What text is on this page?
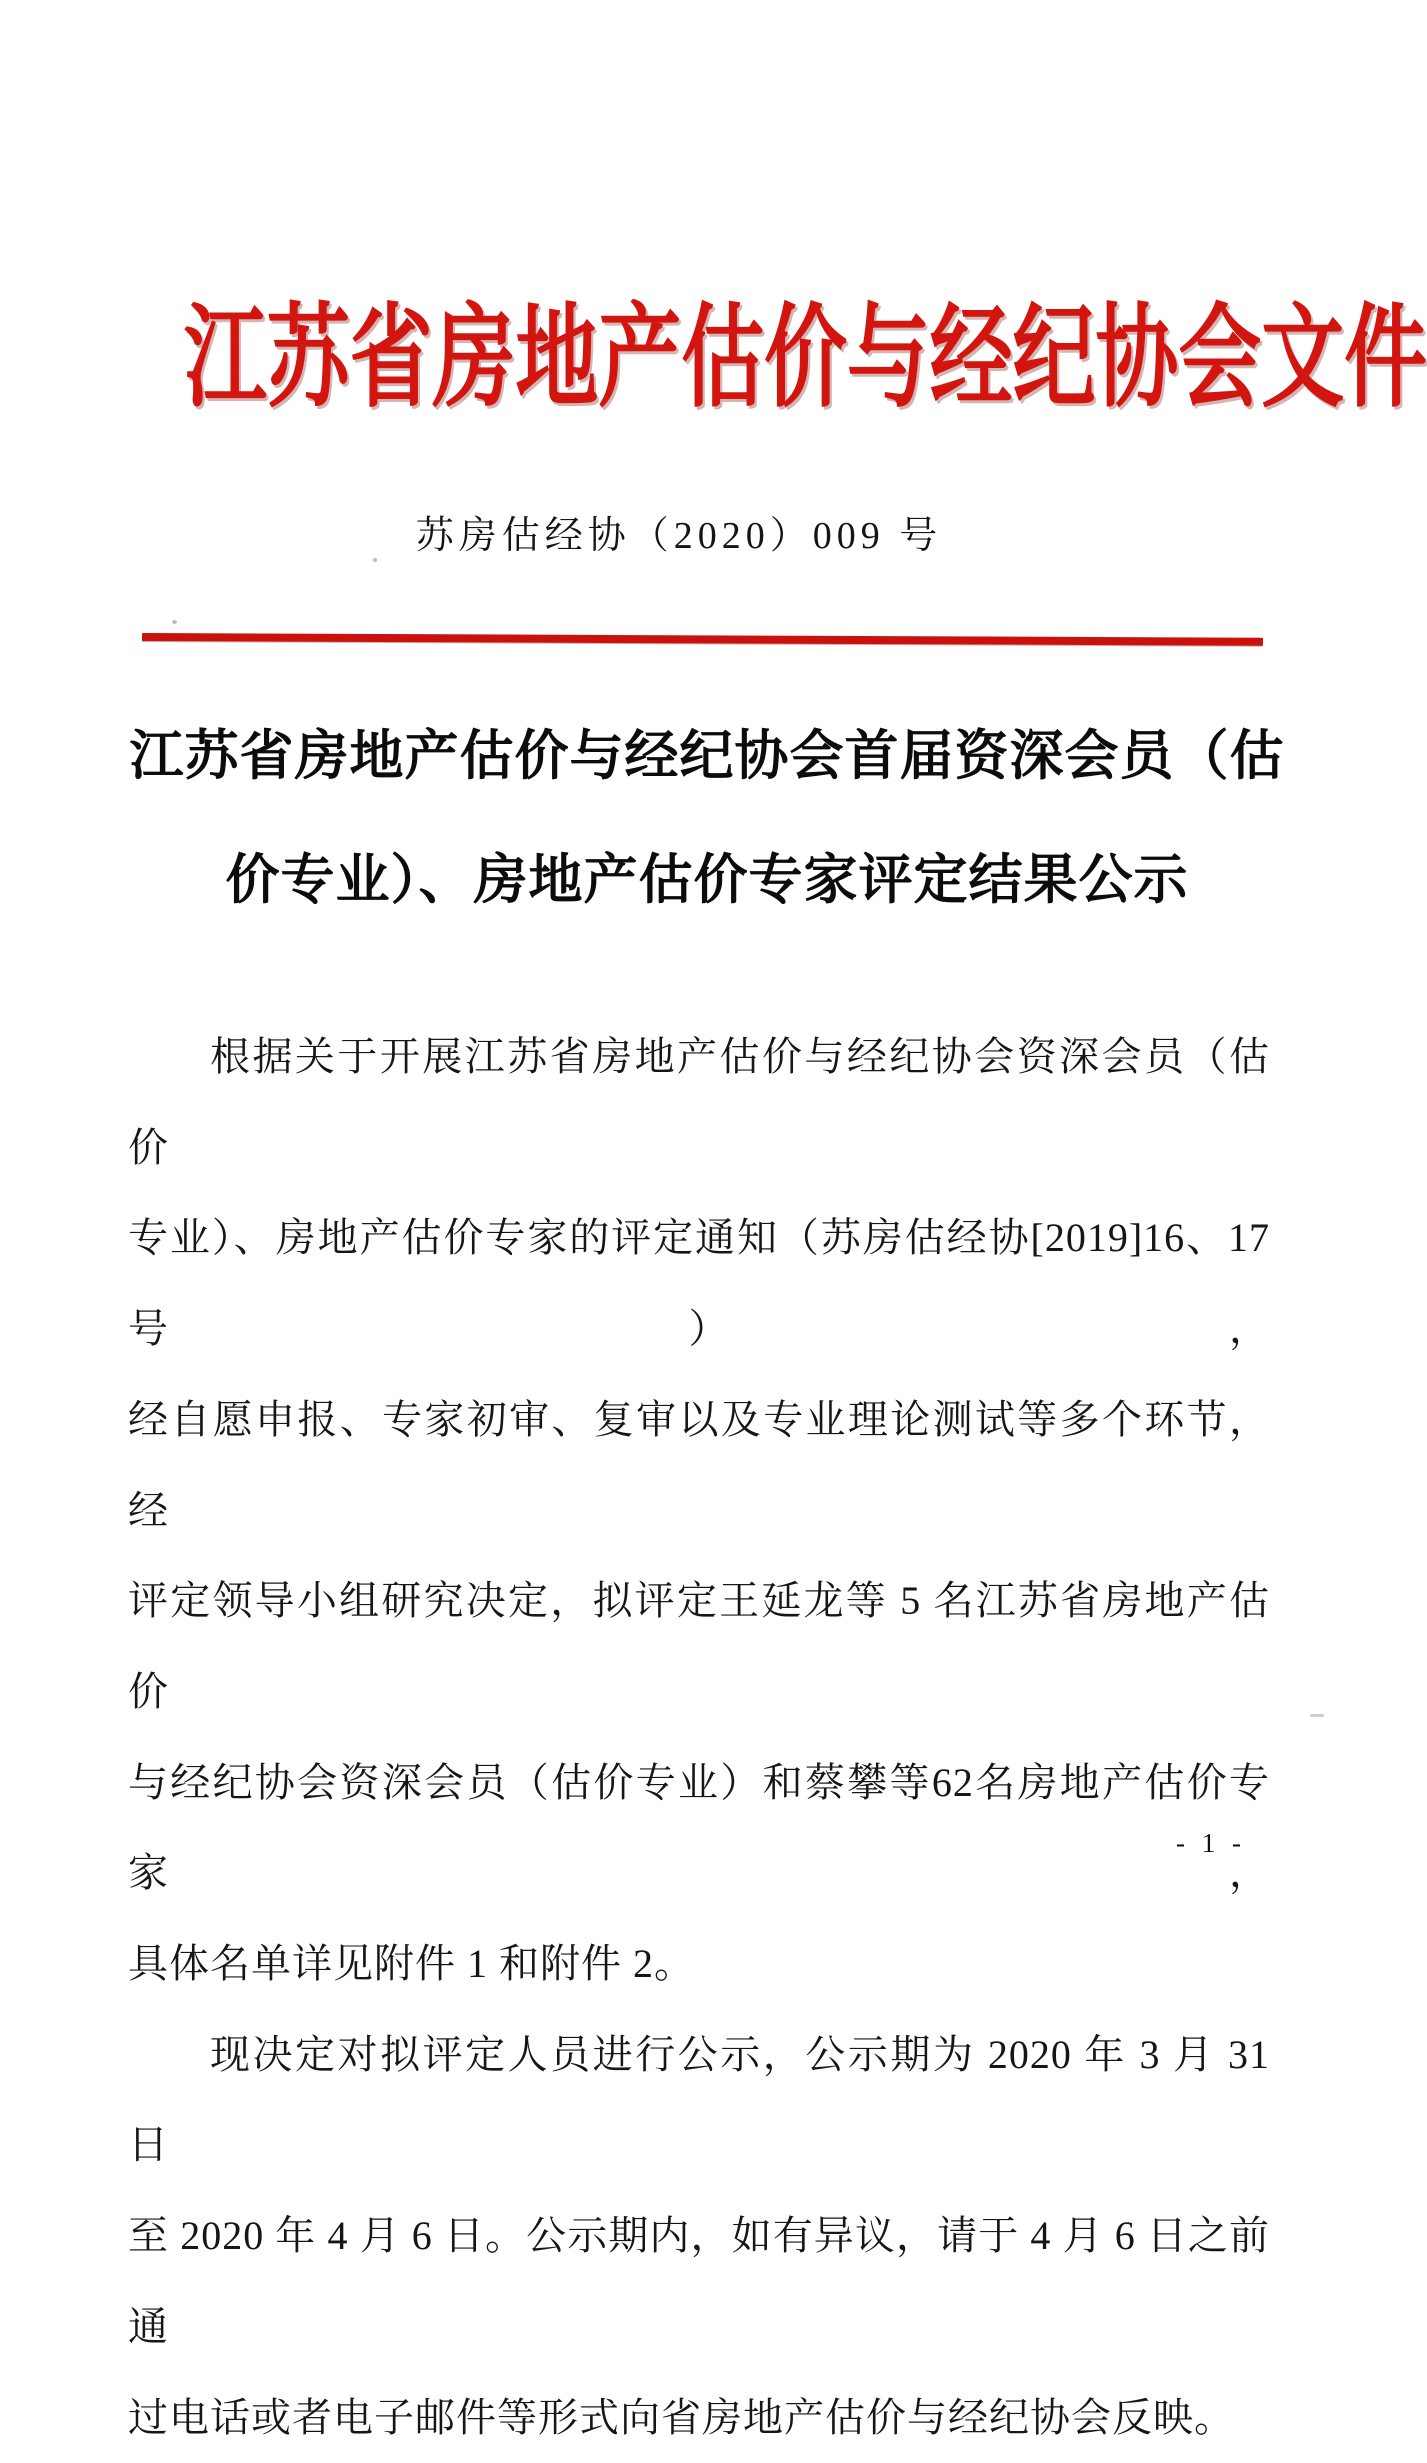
江苏省房地产估价与经纪协会文件
苏房估经协（2020）009 号
江苏省房地产估价与经纪协会首届资深会员（估
价专业）、房地产估价专家评定结果公示
根据关于开展江苏省房地产估价与经纪协会资深会员（估价
专业）、房地产估价专家的评定通知（苏房估经协[2019]16、17号），
经自愿申报、专家初审、复审以及专业理论测试等多个环节，经
评定领导小组研究决定，拟评定王延龙等 5 名江苏省房地产估价
与经纪协会资深会员（估价专业）和蔡攀等62名房地产估价专家，
具体名单详见附件 1 和附件 2。
现决定对拟评定人员进行公示，公示期为 2020 年 3 月 31 日
至 2020 年 4 月 6 日。公示期内，如有异议，请于 4 月 6 日之前通
过电话或者电子邮件等形式向省房地产估价与经纪协会反映。
- 1 -
